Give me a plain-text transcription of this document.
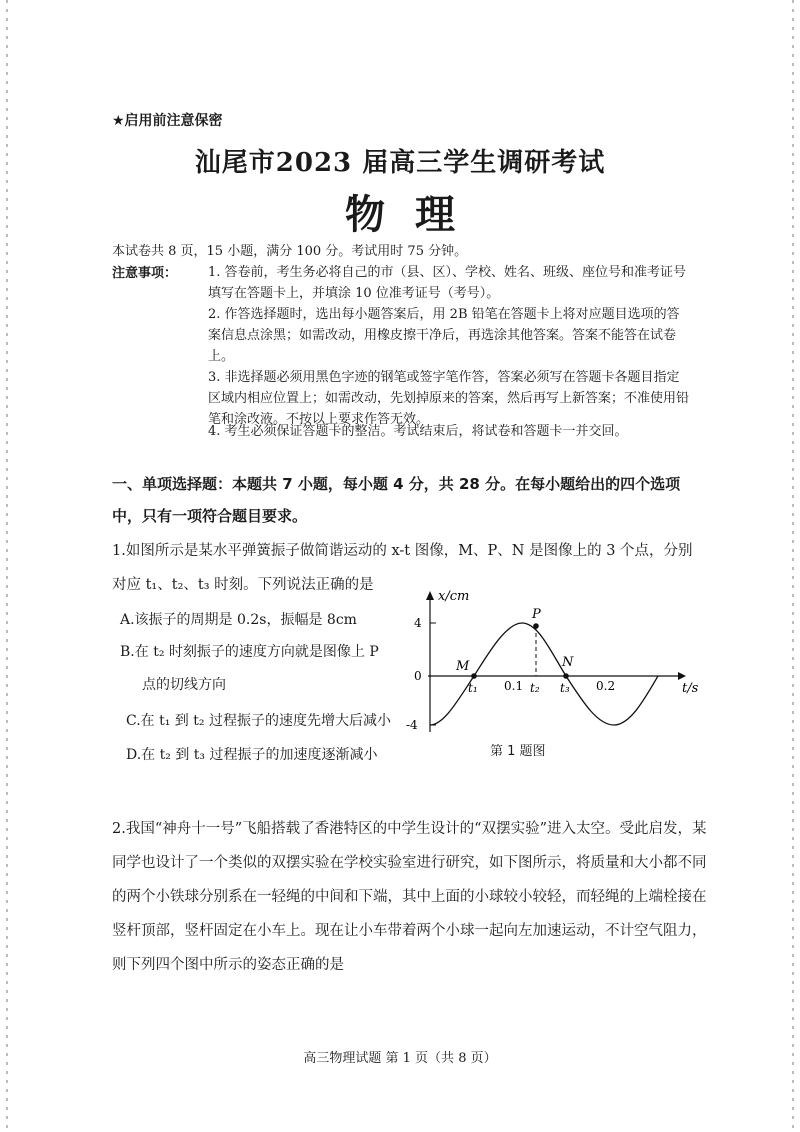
★启用前注意保密
汕尾市2023 届高三学生调研考试
物理
本试卷共 8 页，15 小题，满分 100 分。考试用时 75 分钟。
注意事项： 1. 答卷前，考生务必将自己的市（县、区）、学校、姓名、班级、座位号和准考证号填写在答题卡上，并填涂 10 位准考证号（考号）。
2. 作答选择题时，选出每小题答案后，用 2B 铅笔在答题卡上将对应题目选项的答案信息点涂黑；如需改动，用橡皮擦干净后，再选涂其他答案。答案不能答在试卷上。
3. 非选择题必须用黑色字迹的钢笔或签字笔作答，答案必须写在答题卡各题目指定区域内相应位置上；如需改动，先划掉原来的答案，然后再写上新答案；不准使用铅笔和涂改液。不按以上要求作答无效。
4. 考生必须保证答题卡的整洁。考试结束后，将试卷和答题卡一并交回。
一、单项选择题：本题共 7 小题，每小题 4 分，共 28 分。在每小题给出的四个选项中，只有一项符合题目要求。
1.如图所示是某水平弹簧振子做简谐运动的 x-t 图像，M、P、N 是图像上的 3 个点，分别对应 t₁、t₂、t₃ 时刻。下列说法正确的是
A.该振子的周期是 0.2s，振幅是 8cm
B.在 t₂ 时刻振子的速度方向就是图像上 P
点的切线方向
C.在 t₁ 到 t₂ 过程振子的速度先增大后减小
D.在 t₂ 到 t₃ 过程振子的加速度逐渐减小
x/cm
t/s
4
0
-4
M
P
N
0.1	0.2
t₁	t₂ t₃
第 1 题图
2.我国“神舟十一号”飞船搭载了香港特区的中学生设计的“双摆实验”进入太空。受此启发，某同学也设计了一个类似的双摆实验在学校实验室进行研究，如下图所示，将质量和大小都不同的两个小铁球分别系在一轻绳的中间和下端，其中上面的小球较小较轻，而轻绳的上端栓接在竖杆顶部，竖杆固定在小车上。现在让小车带着两个小球一起向左加速运动，不计空气阻力，则下列四个图中所示的姿态正确的是
高三物理试题 第 1 页（共 8 页）
